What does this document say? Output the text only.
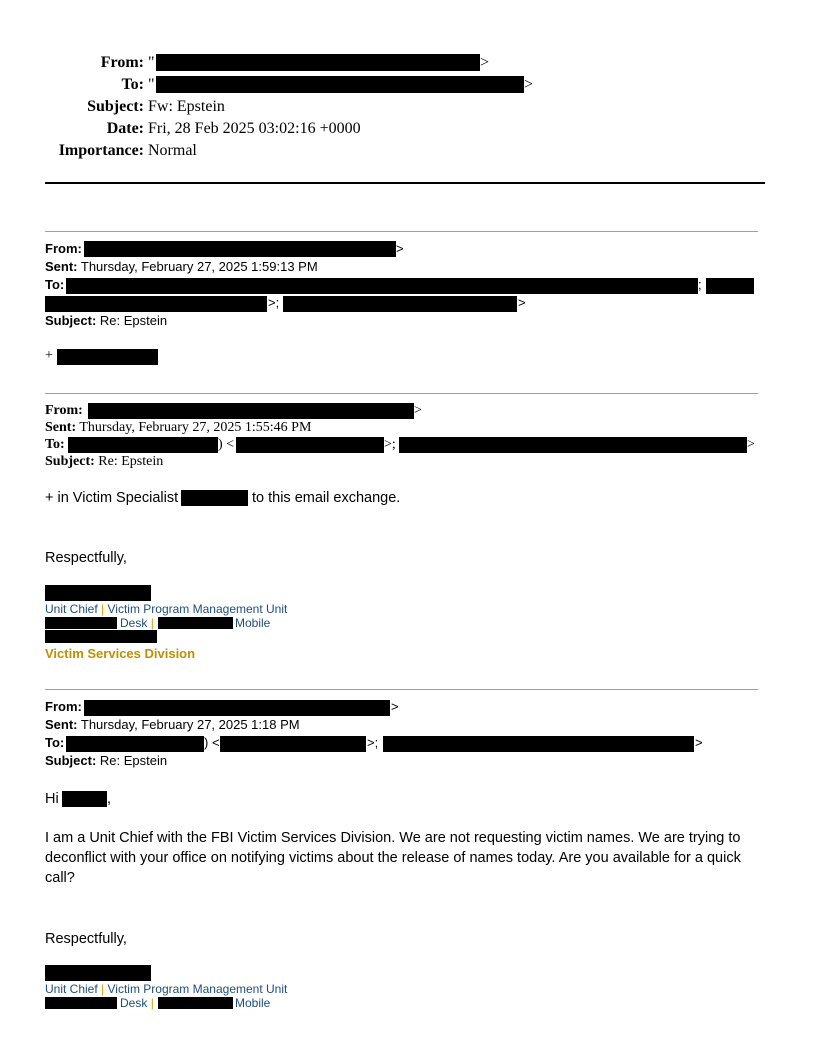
From: "	>
To: "	>
Subject: Fw: Epstein
Date: Fri, 28 Feb 2025 03:02:16 +0000
Importance: Normal
From:	>
Sent: Thursday, February 27, 2025 1:59:13 PM
To:	;
>;	>
Subject: Re: Epstein
+
From:	>
Sent: Thursday, February 27, 2025 1:55:46 PM
To:	) <	>;	>
Subject: Re: Epstein
+ in Victim Specialist	to this email exchange.
Respectfully,
Unit Chief | Victim Program Management Unit
Desk |	Mobile
Victim Services Division
From:	>
Sent: Thursday, February 27, 2025 1:18 PM
To:	) <	>;	>
Subject: Re: Epstein
Hi	,
I am a Unit Chief with the FBI Victim Services Division. We are not requesting victim names. We are trying to deconflict with your office on notifying victims about the release of names today. Are you available for a quick call?
Respectfully,
Unit Chief | Victim Program Management Unit
Desk |	Mobile
